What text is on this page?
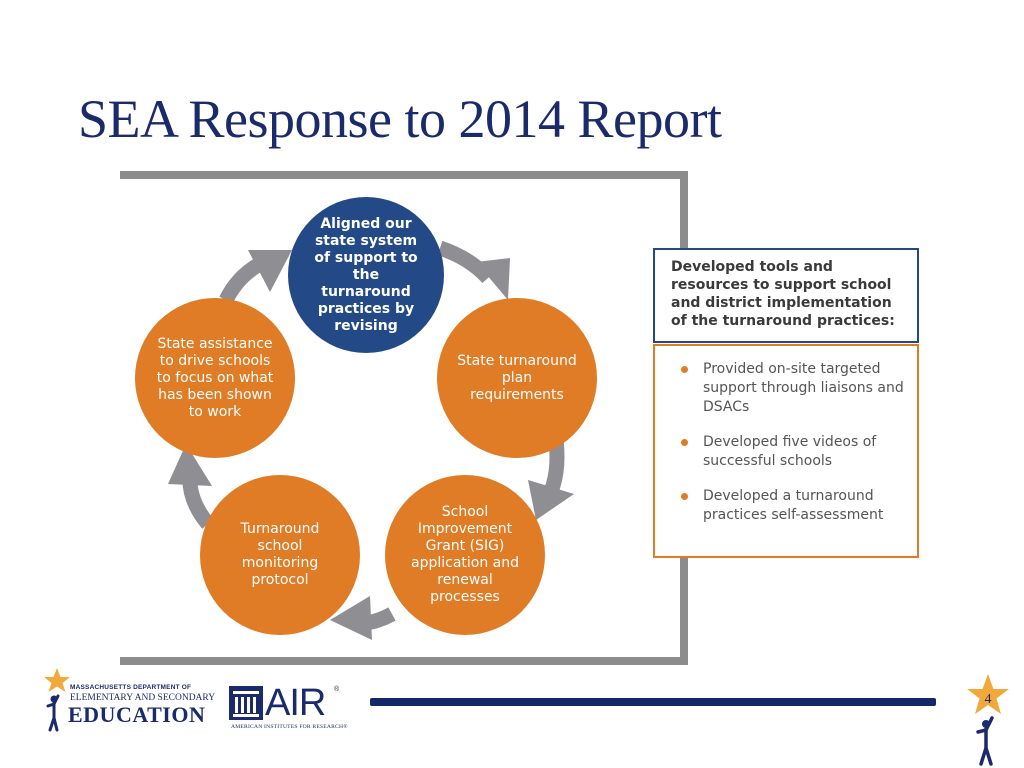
SEA Response to 2014 Report
Aligned our state system of support to the turnaround practices by revising
State turnaround plan requirements
School Improvement Grant (SIG) application and renewal processes
Turnaround school monitoring protocol
State assistance to drive schools to focus on what has been shown to work
Developed tools and resources to support school and district implementation of the turnaround practices:
Provided on-site targeted support through liaisons and DSACs
Developed five videos of successful schools
Developed a turnaround practices self-assessment
MASSACHUSETTS DEPARTMENT OF
ELEMENTARY AND SECONDARY
EDUCATION AIR ®
AMERICAN INSTITUTES FOR RESEARCH®
4
